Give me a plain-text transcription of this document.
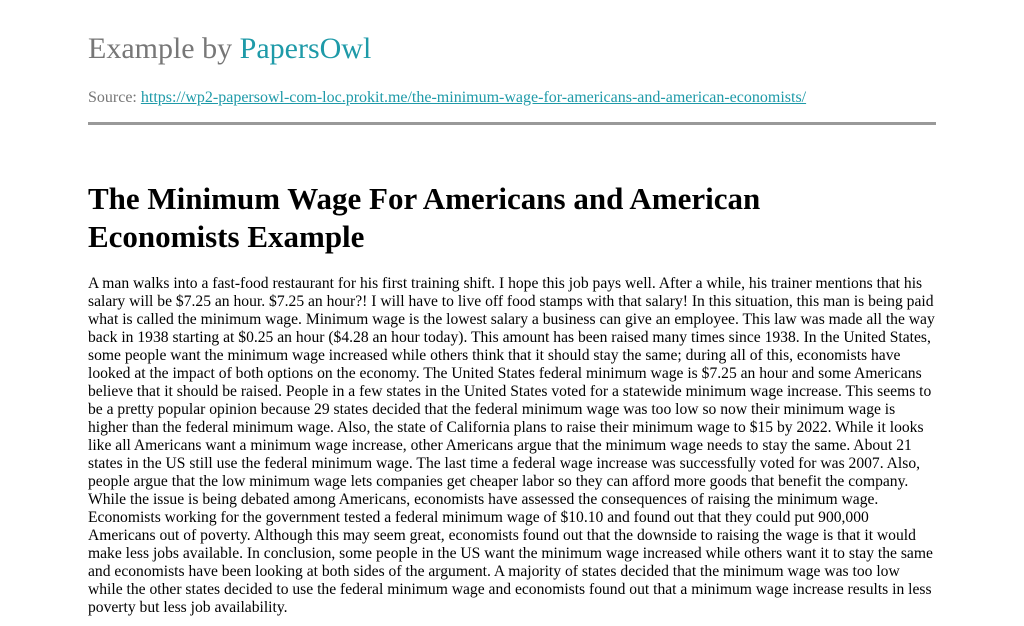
Example by PapersOwl
Source: https://wp2-papersowl-com-loc.prokit.me/the-minimum-wage-for-americans-and-american-economists/
The Minimum Wage For Americans and American Economists Example

A man walks into a fast-food restaurant for his first training shift. I hope this job pays well. After a while, his trainer mentions that his salary will be $7.25 an hour. $7.25 an hour?! I will have to live off food stamps with that salary! In this situation, this man is being paid what is called the minimum wage. Minimum wage is the lowest salary a business can give an employee. This law was made all the way back in 1938 starting at $0.25 an hour ($4.28 an hour today). This amount has been raised many times since 1938. In the United States, some people want the minimum wage increased while others think that it should stay the same; during all of this, economists have looked at the impact of both options on the economy. The United States federal minimum wage is $7.25 an hour and some Americans believe that it should be raised. People in a few states in the United States voted for a statewide minimum wage increase. This seems to be a pretty popular opinion because 29 states decided that the federal minimum wage was too low so now their minimum wage is higher than the federal minimum wage. Also, the state of California plans to raise their minimum wage to $15 by 2022. While it looks like all Americans want a minimum wage increase, other Americans argue that the minimum wage needs to stay the same. About 21 states in the US still use the federal minimum wage. The last time a federal wage increase was successfully voted for was 2007. Also, people argue that the low minimum wage lets companies get cheaper labor so they can afford more goods that benefit the company. While the issue is being debated among Americans, economists have assessed the consequences of raising the minimum wage. Economists working for the government tested a federal minimum wage of $10.10 and found out that they could put 900,000 Americans out of poverty. Although this may seem great, economists found out that the downside to raising the wage is that it would make less jobs available. In conclusion, some people in the US want the minimum wage increased while others want it to stay the same and economists have been looking at both sides of the argument. A majority of states decided that the minimum wage was too low while the other states decided to use the federal minimum wage and economists found out that a minimum wage increase results in less poverty but less job availability.
